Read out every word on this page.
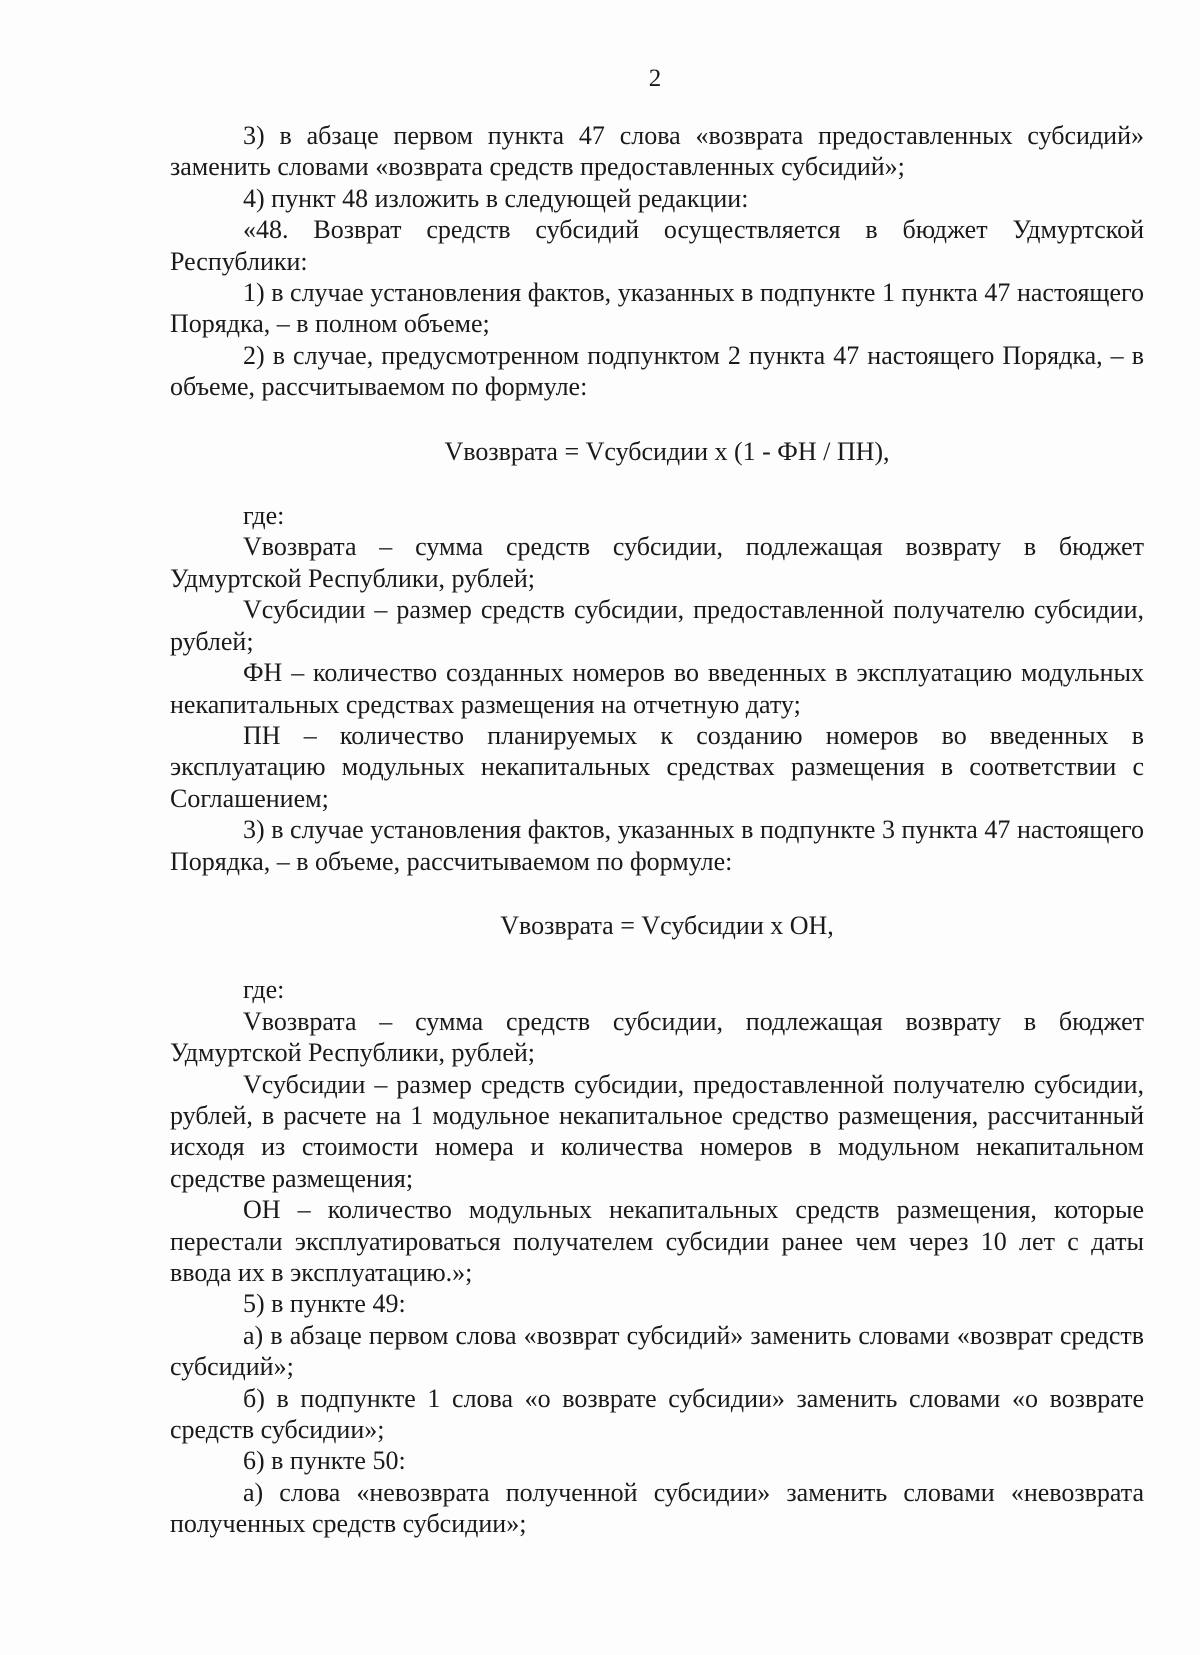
2

3) в абзаце первом пункта 47 слова «возврата предоставленных субсидий» заменить словами «возврата средств предоставленных субсидий»;

4) пункт 48 изложить в следующей редакции:

«48. Возврат средств субсидий осуществляется в бюджет Удмуртской Республики:

1) в случае установления фактов, указанных в подпункте 1 пункта 47 настоящего Порядка, – в полном объеме;

2) в случае, предусмотренном подпунктом 2 пункта 47 настоящего Порядка, – в объеме, рассчитываемом по формуле:

Vвозврата = Vсубсидии x (1 - ФН / ПН),

где:

Vвозврата – сумма средств субсидии, подлежащая возврату в бюджет Удмуртской Республики, рублей;

Vсубсидии – размер средств субсидии, предоставленной получателю субсидии, рублей;

ФН – количество созданных номеров во введенных в эксплуатацию модульных некапитальных средствах размещения на отчетную дату;

ПН – количество планируемых к созданию номеров во введенных в эксплуатацию модульных некапитальных средствах размещения в соответствии с Соглашением;

3) в случае установления фактов, указанных в подпункте 3 пункта 47 настоящего Порядка, – в объеме, рассчитываемом по формуле:

Vвозврата = Vсубсидии x ОН,

где:

Vвозврата – сумма средств субсидии, подлежащая возврату в бюджет Удмуртской Республики, рублей;

Vсубсидии – размер средств субсидии, предоставленной получателю субсидии, рублей, в расчете на 1 модульное некапитальное средство размещения, рассчитанный исходя из стоимости номера и количества номеров в модульном некапитальном средстве размещения;

ОН – количество модульных некапитальных средств размещения, которые перестали эксплуатироваться получателем субсидии ранее чем через 10 лет с даты ввода их в эксплуатацию.»;

5) в пункте 49:

а) в абзаце первом слова «возврат субсидий» заменить словами «возврат средств субсидий»;

б) в подпункте 1 слова «о возврате субсидии» заменить словами «о возврате средств субсидии»;

6) в пункте 50:

а) слова «невозврата полученной субсидии» заменить словами «невозврата полученных средств субсидии»;
